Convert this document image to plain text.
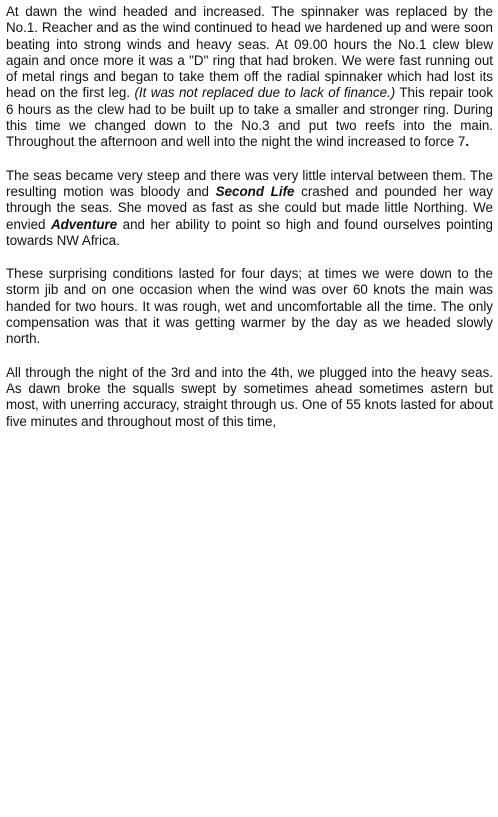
At dawn the wind headed and increased. The spinnaker was replaced by the No.1. Reacher and as the wind continued to head we hardened up and were soon beating into strong winds and heavy seas. At 09.00 hours the No.1 clew blew again and once more it was a "D" ring that had broken. We were fast running out of metal rings and began to take them off the radial spinnaker which had lost its head on the first leg. (It was not replaced due to lack of finance.) This repair took 6 hours as the clew had to be built up to take a smaller and stronger ring. During this time we changed down to the No.3 and put two reefs into the main. Throughout the afternoon and well into the night the wind increased to force 7.

The seas became very steep and there was very little interval between them. The resulting motion was bloody and Second Life crashed and pounded her way through the seas. She moved as fast as she could but made little Northing. We envied Adventure and her ability to point so high and found ourselves pointing towards NW Africa.

These surprising conditions lasted for four days; at times we were down to the storm jib and on one occasion when the wind was over 60 knots the main was handed for two hours. It was rough, wet and uncomfortable all the time. The only compensation was that it was getting warmer by the day as we headed slowly north.

All through the night of the 3rd and into the 4th, we plugged into the heavy seas. As dawn broke the squalls swept by sometimes ahead sometimes astern but most, with unerring accuracy, straight through us. One of 55 knots lasted for about five minutes and throughout most of this time,
